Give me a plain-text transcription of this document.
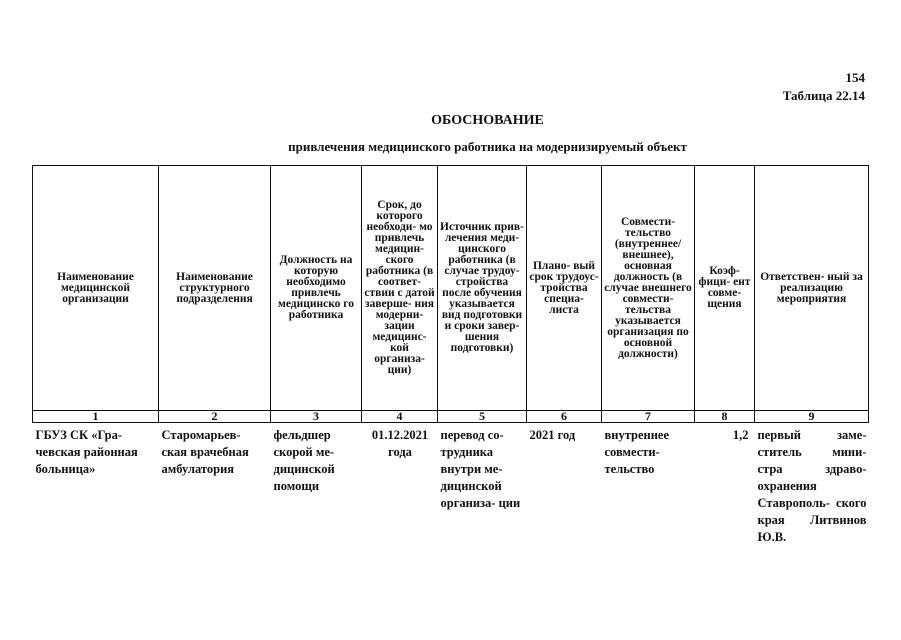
154
Таблица 22.14
ОБОСНОВАНИЕ
привлечения медицинского работника на модернизируемый объект
Наименование медицинской организации	Наименование структурного подразделения	Должность на которую необходимо привлечь медицинско го работника	Срок, до которого необходи- мо привлечь медицин- ского работника (в соответ- ствии с датой заверше- ния модерни- зации медицинс- кой организа- ции)	Источник прив- лечения меди- цинского работника (в случае трудоу- стройства после обучения указывается вид подготовки и сроки завер- шения подготовки)	Плано- вый срок трудоус- тройства специа- листа	Совмести- тельство (внутреннее/ внешнее), основная должность (в случае внешнего совмести- тельства указывается организация по основной должности)	Коэф- фици- ент совме- щения	Ответствен- ный за реализацию мероприятия
1	2	3	4	5	6	7	8	9
ГБУЗ СК «Гра- чевская районная больница»	Старомарьев- ская врачебная амбулатория	фельдшер скорой ме- дицинской помощи	01.12.2021 года	перевод со- трудника внутри ме- дицинской организа- ции	2021 год	внутреннее совмести- тельство	1,2	первый заме- ститель мини- стра здраво- охранения Ставрополь- ского края Литвинов Ю.В.
